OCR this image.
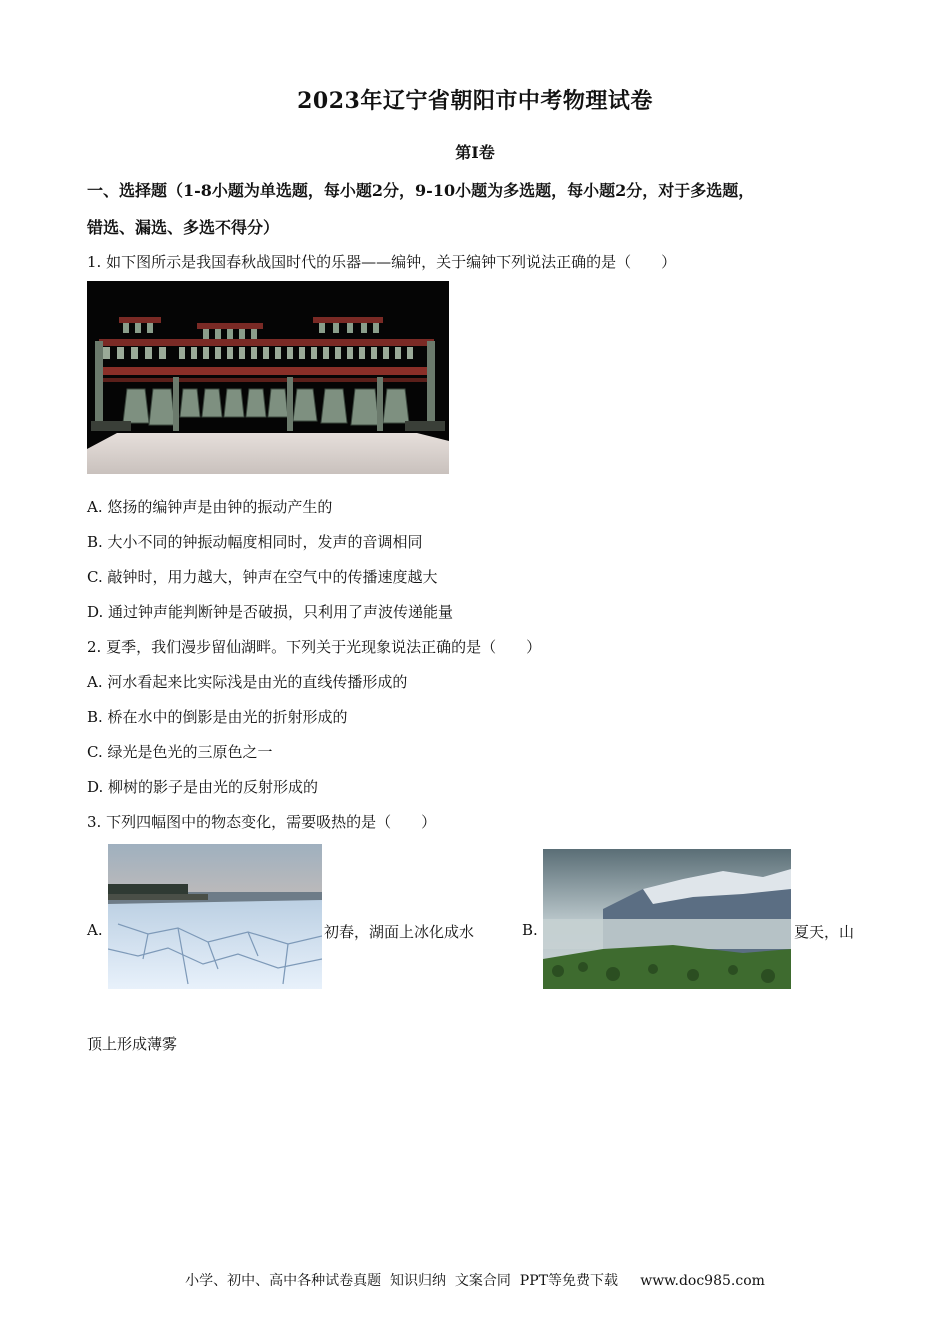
2023年辽宁省朝阳市中考物理试卷
第Ⅰ卷
一、选择题（1-8小题为单选题，每小题2分，9-10小题为多选题，每小题2分，对于多选题，
错选、漏选、多选不得分）
1. 如下图所示是我国春秋战国时代的乐器——编钟，关于编钟下列说法正确的是（　　）
A. 悠扬的编钟声是由钟的振动产生的
B. 大小不同的钟振动幅度相同时，发声的音调相同
C. 敲钟时，用力越大，钟声在空气中的传播速度越大
D. 通过钟声能判断钟是否破损，只利用了声波传递能量
2. 夏季，我们漫步留仙湖畔。下列关于光现象说法正确的是（　　）
A. 河水看起来比实际浅是由光的直线传播形成的
B. 桥在水中的倒影是由光的折射形成的
C. 绿光是色光的三原色之一
D. 柳树的影子是由光的反射形成的
3. 下列四幅图中的物态变化，需要吸热的是（　　）
A.	初春，湖面上冰化成水	B.	夏天，山
顶上形成薄雾
小学、初中、高中各种试卷真题  知识归纳  文案合同  PPT等免费下载     www.doc985.com
